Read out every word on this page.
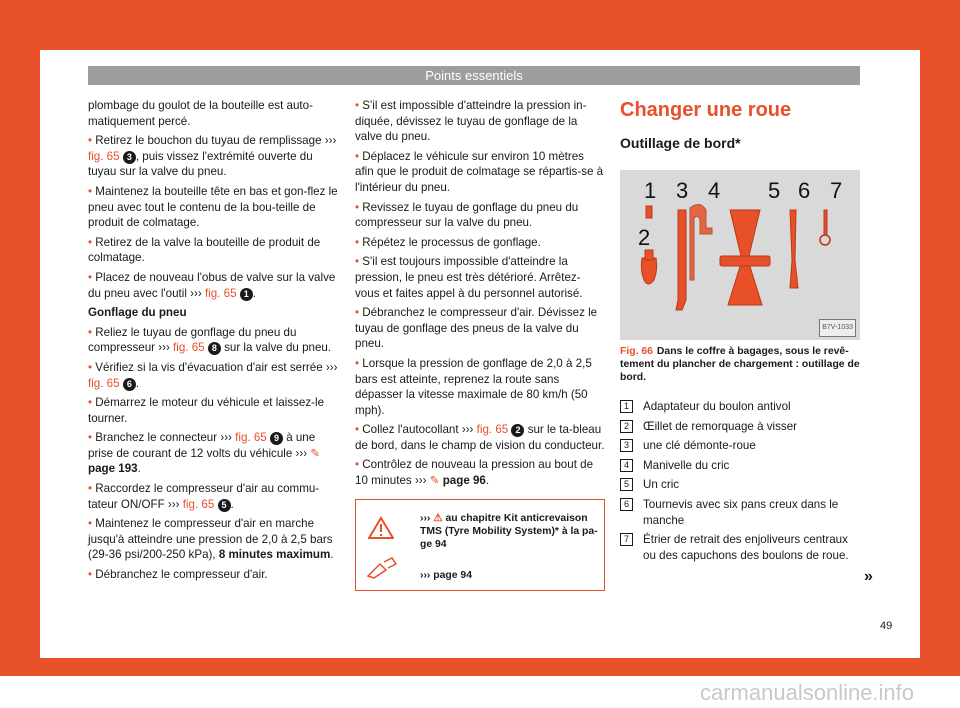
Points essentiels

plombage du goulot de la bouteille est auto-matiquement percé.

• Retirez le bouchon du tuyau de remplissage ››› fig. 65 3 , puis vissez l'extrémité ouverte du tuyau sur la valve du pneu.

• Maintenez la bouteille tête en bas et gon-flez le pneu avec tout le contenu de la bou-teille de produit de colmatage.

• Retirez de la valve la bouteille de produit de colmatage.

• Placez de nouveau l'obus de valve sur la valve du pneu avec l'outil ››› fig. 65 1 .

Gonflage du pneu

• Reliez le tuyau de gonflage du pneu du compresseur ››› fig. 65 8 sur la valve du pneu.

• Vérifiez si la vis d'évacuation d'air est serrée ››› fig. 65 6 .

• Démarrez le moteur du véhicule et laissez-le tourner.

• Branchez le connecteur ››› fig. 65 9 à une prise de courant de 12 volts du véhicule ››› ✎ page 193.

• Raccordez le compresseur d'air au commu-tateur ON/OFF ››› fig. 65 5 .

• Maintenez le compresseur d'air en marche jusqu'à atteindre une pression de 2,0 à 2,5 bars (29-36 psi/200-250 kPa), 8 minutes maximum.

• Débranchez le compresseur d'air.

• S'il est impossible d'atteindre la pression in-diquée, dévissez le tuyau de gonflage de la valve du pneu.

• Déplacez le véhicule sur environ 10 mètres afin que le produit de colmatage se répartis-se à l'intérieur du pneu.

• Revissez le tuyau de gonflage du pneu du compresseur sur la valve du pneu.

• Répétez le processus de gonflage.

• S'il est toujours impossible d'atteindre la pression, le pneu est très détérioré. Arrêtez-vous et faites appel à du personnel autorisé.

• Débranchez le compresseur d'air. Dévissez le tuyau de gonflage des pneus de la valve du pneu.

• Lorsque la pression de gonflage de 2,0 à 2,5 bars est atteinte, reprenez la route sans dépasser la vitesse maximale de 80 km/h (50 mph).

• Collez l'autocollant ››› fig. 65 2 sur le ta-bleau de bord, dans le champ de vision du conducteur.

• Contrôlez de nouveau la pression au bout de 10 minutes ››› ✎ page 96.

››› ⚠ au chapitre Kit anticrevaison TMS (Tyre Mobility System)* à la pa-ge 94
››› page 94
Changer une roue
Outillage de bord*
1 3 4 5 6 7
2
B7V-1033
Fig. 66 Dans le coffre à bagages, sous le revê-tement du plancher de chargement : outillage de bord.
1	Adaptateur du boulon antivol
2	Œillet de remorquage à visser
3	une clé démonte-roue
4	Manivelle du cric
5	Un cric
6	Tournevis avec six pans creux dans le manche
7	Étrier de retrait des enjoliveurs centraux ou des capuchons des boulons de roue.
»
49
carmanualsonline.info
